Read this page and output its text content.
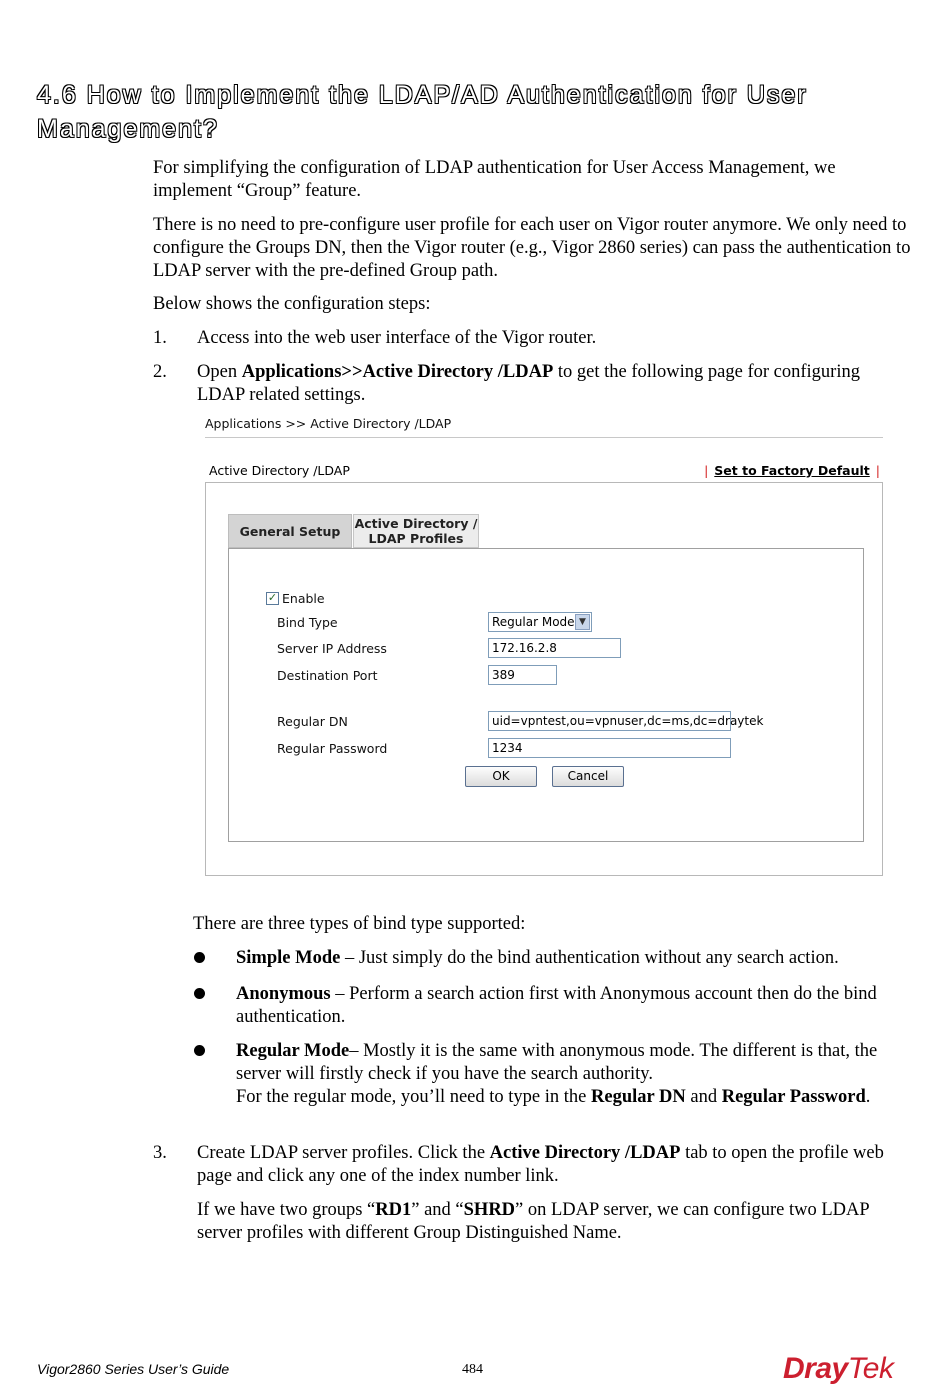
4.6 How to Implement the LDAP/AD Authentication for User Management?

For simplifying the configuration of LDAP authentication for User Access Management, we implement “Group” feature.

There is no need to pre-configure user profile for each user on Vigor router anymore. We only need to configure the Groups DN, then the Vigor router (e.g., Vigor 2860 series) can pass the authentication to LDAP server with the pre-defined Group path.

Below shows the configuration steps:

1. Access into the web user interface of the Vigor router.

2. Open Applications>>Active Directory /LDAP to get the following page for configuring LDAP related settings.

Applications >> Active Directory /LDAP
Active Directory /LDAP	| Set to Factory Default |
General Setup	Active Directory /
LDAP Profiles
✓ Enable
Bind Type	Regular Mode ▼
Server IP Address	172.16.2.8
Destination Port	389
Regular DN	uid=vpntest,ou=vpnuser,dc=ms,dc=draytek
Regular Password	1234
OK	Cancel

There are three types of bind type supported:

Simple Mode – Just simply do the bind authentication without any search action.

Anonymous – Perform a search action first with Anonymous account then do the bind authentication.

Regular Mode– Mostly it is the same with anonymous mode. The different is that, the server will firstly check if you have the search authority.
For the regular mode, you’ll need to type in the Regular DN and Regular Password.

3. Create LDAP server profiles. Click the Active Directory /LDAP tab to open the profile web page and click any one of the index number link.

If we have two groups “RD1” and “SHRD” on LDAP server, we can configure two LDAP server profiles with different Group Distinguished Name.

Vigor2860 Series User’s Guide	484	DrayTek
